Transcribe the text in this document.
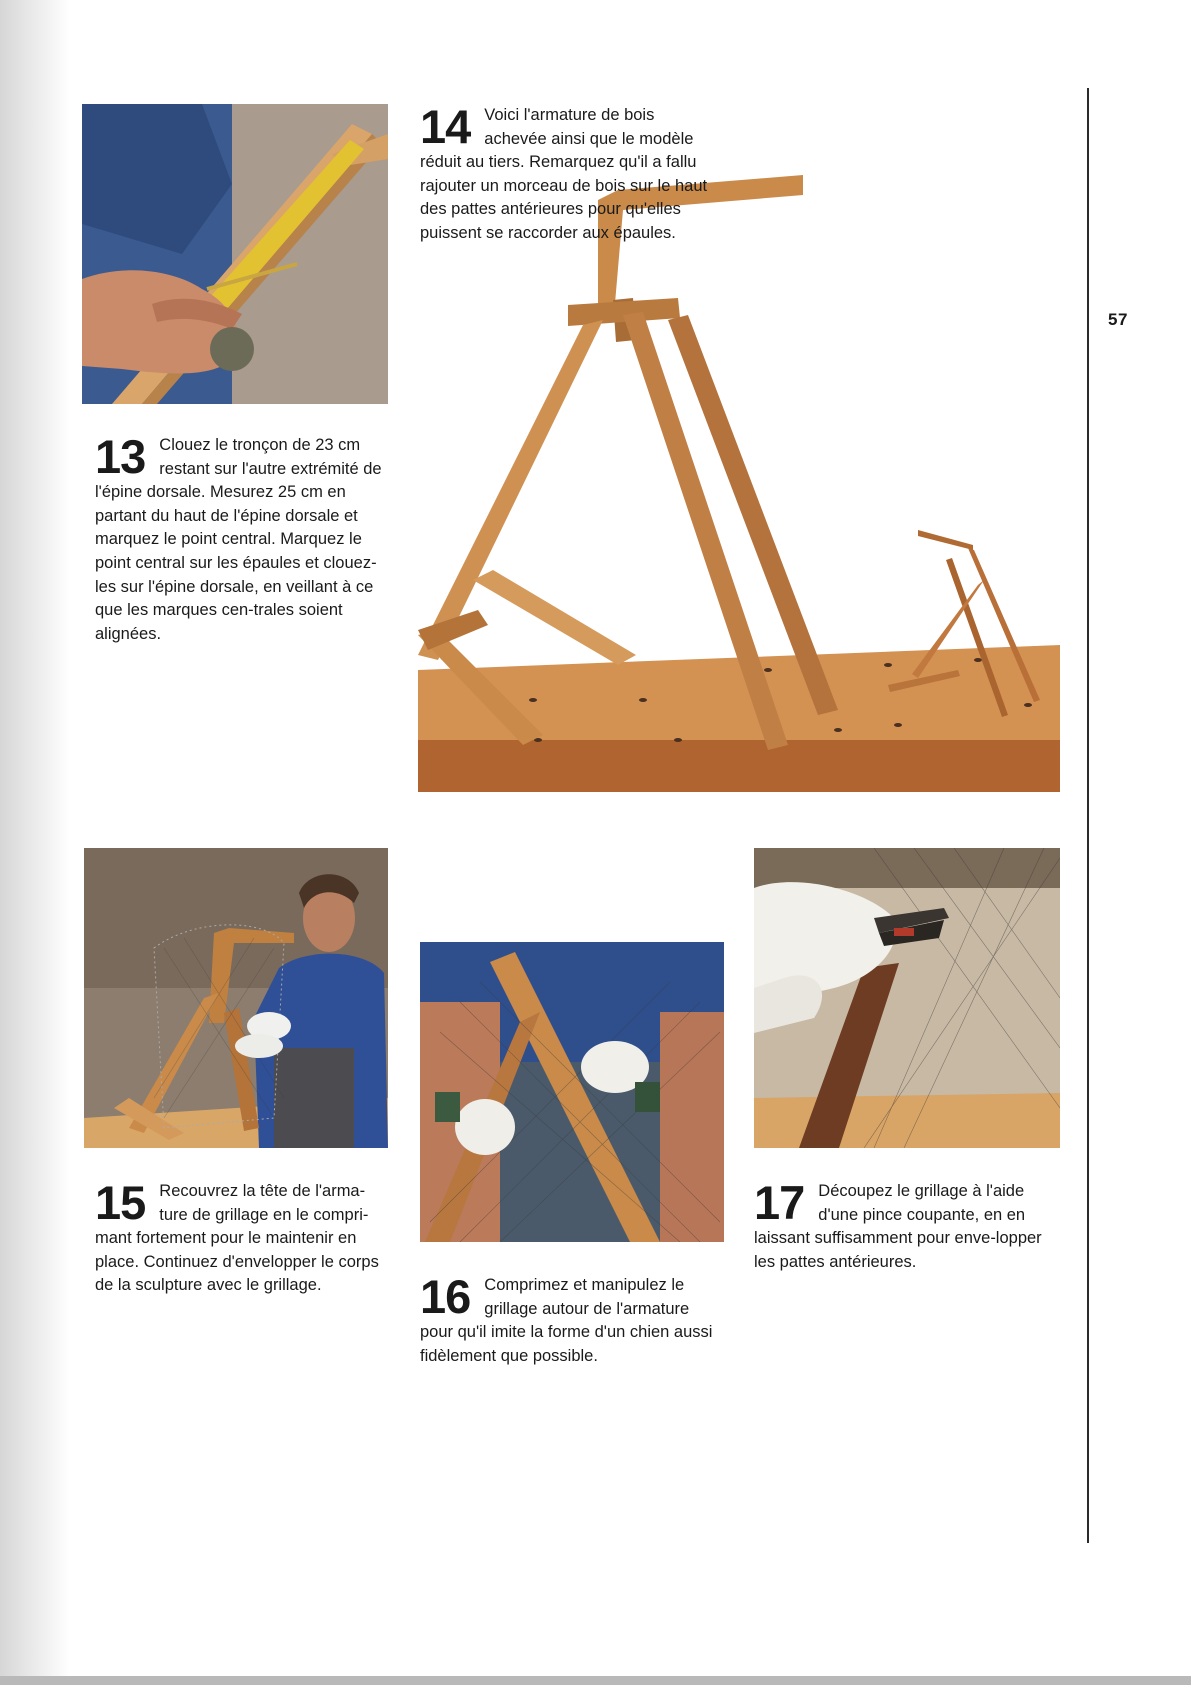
57
13 Clouez le tronçon de 23 cm restant sur l'autre extrémité de l'épine dorsale. Mesurez 25 cm en partant du haut de l'épine dorsale et marquez le point central. Marquez le point central sur les épaules et clouez-les sur l'épine dorsale, en veillant à ce que les marques cen-trales soient alignées.

14 Voici l'armature de bois achevée ainsi que le modèle réduit au tiers. Remarquez qu'il a fallu rajouter un morceau de bois sur le haut des pattes antérieures pour qu'elles puissent se raccorder aux épaules.

15 Recouvrez la tête de l'arma-ture de grillage en le compri-mant fortement pour le maintenir en place. Continuez d'envelopper le corps de la sculpture avec le grillage.	16 Comprimez et manipulez le grillage autour de l'armature pour qu'il imite la forme d'un chien aussi fidèlement que possible.

17 Découpez le grillage à l'aide d'une pince coupante, en en laissant suffisamment pour enve-lopper les pattes antérieures.
